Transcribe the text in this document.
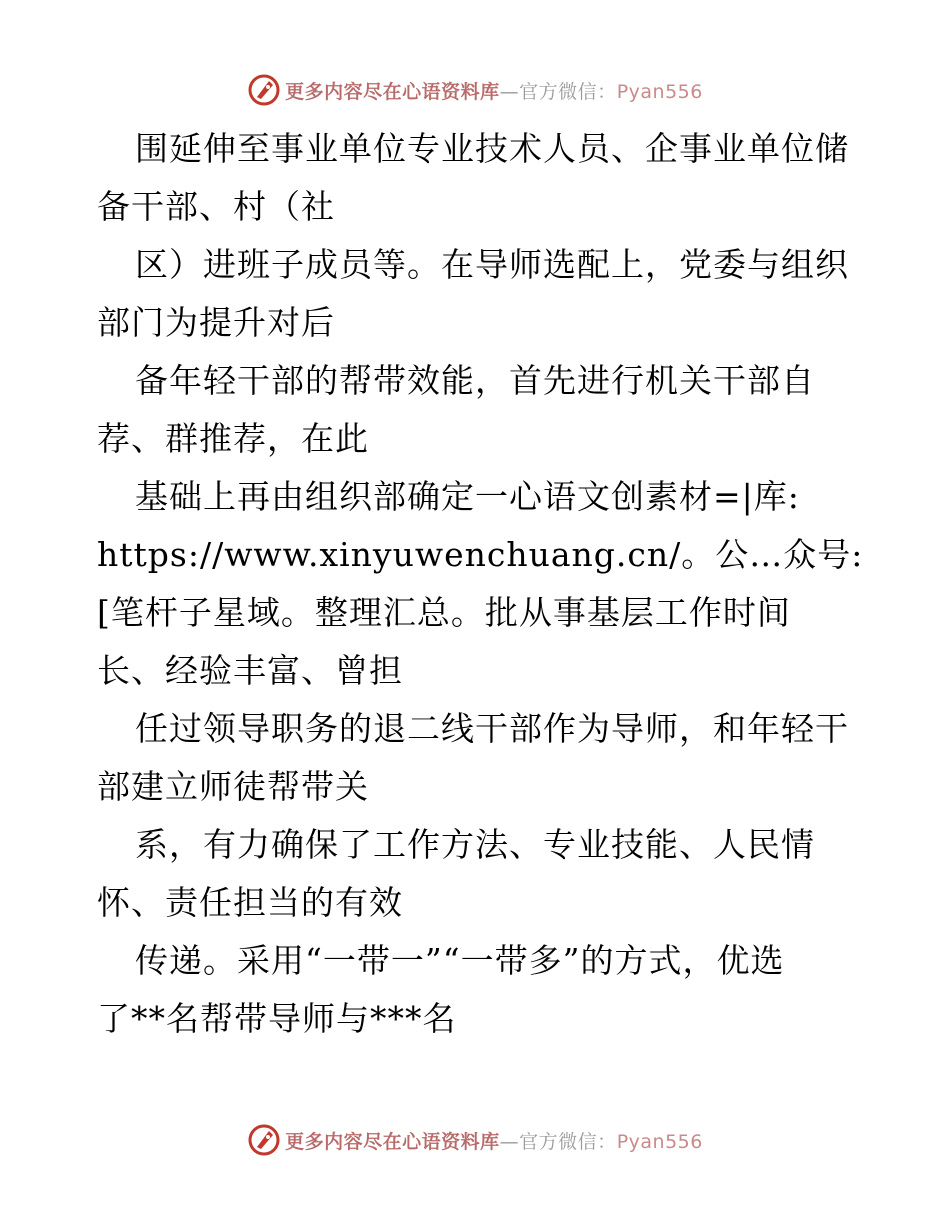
更多内容尽在心语资料库—官方微信：Pyan556
围延伸至事业单位专业技术人员、企事业单位储
备干部、村（社
区）进班子成员等。在导师选配上，党委与组织
部门为提升对后
备年轻干部的帮带效能，首先进行机关干部自
荐、群推荐，在此
基础上再由组织部确定一心语文创素材=|库:
https://www.xinyuwenchuang.cn/。公…众号:
[笔杆子星域。整理汇总。批从事基层工作时间
长、经验丰富、曾担
任过领导职务的退二线干部作为导师，和年轻干
部建立师徒帮带关
系，有力确保了工作方法、专业技能、人民情
怀、责任担当的有效
传递。采用“一带一”“一带多”的方式，优选
了**名帮带导师与***名
更多内容尽在心语资料库—官方微信：Pyan556
